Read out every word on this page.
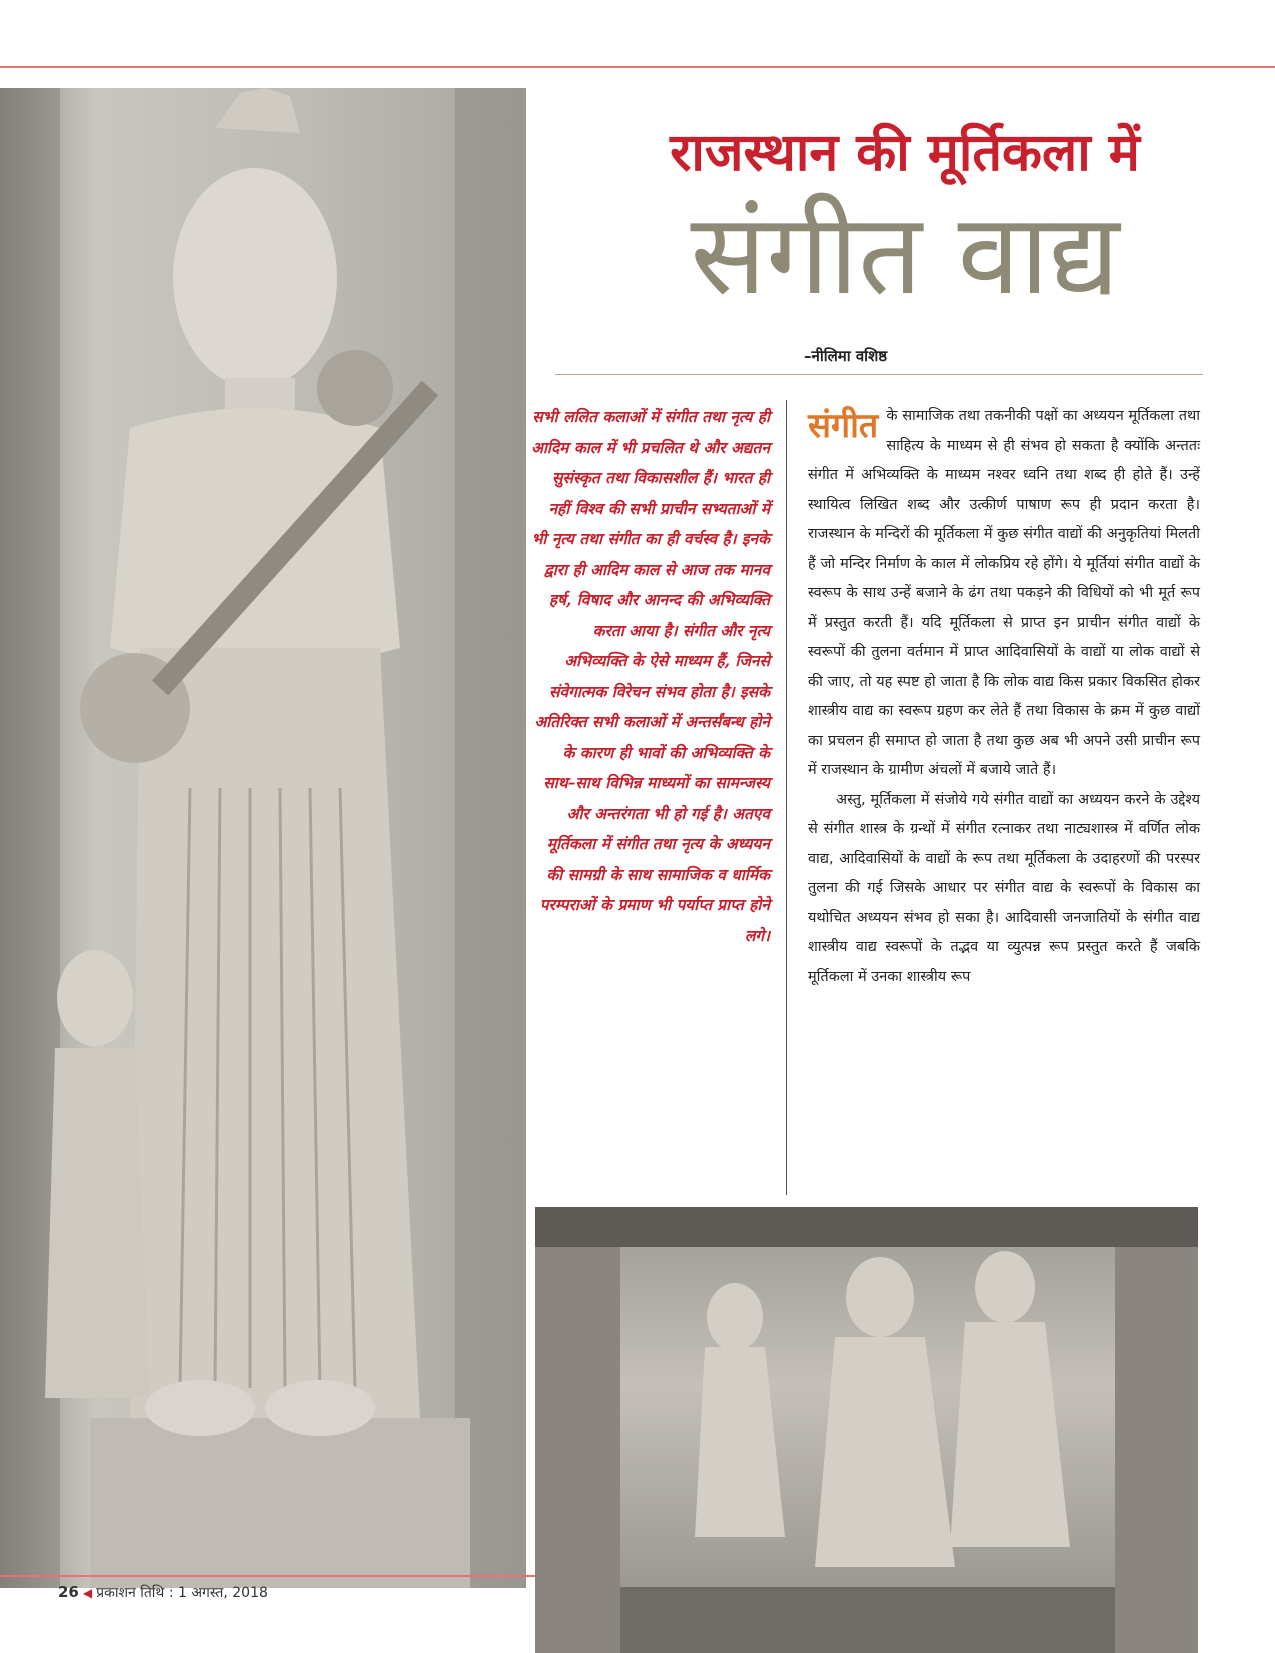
राजस्थान की मूर्तिकला में
संगीत वाद्य
–नीलिमा वशिष्ठ

सभी ललित कलाओं में संगीत तथा नृत्य ही आदिम काल में भी प्रचलित थे और अद्यतन सुसंस्कृत तथा विकासशील हैं। भारत ही नहीं विश्व की सभी प्राचीन सभ्यताओं में भी नृत्य तथा संगीत का ही वर्चस्व है। इनके द्वारा ही आदिम काल से आज तक मानव हर्ष, विषाद और आनन्द की अभिव्यक्ति करता आया है। संगीत और नृत्य अभिव्यक्ति के ऐसे माध्यम हैं, जिनसे संवेगात्मक विरेचन संभव होता है। इसके अतिरिक्त सभी कलाओं में अन्तर्संबन्ध होने के कारण ही भावों की अभिव्यक्ति के साथ–साथ विभिन्न माध्यमों का सामन्जस्य और अन्तरंगता भी हो गई है। अतएव मूर्तिकला में संगीत तथा नृत्य के अध्ययन की सामग्री के साथ सामाजिक व धार्मिक परम्पराओं के प्रमाण भी पर्याप्त प्राप्त होने लगे।

संगीत के सामाजिक तथा तकनीकी पक्षों का अध्ययन मूर्तिकला तथा साहित्य के माध्यम से ही संभव हो सकता है क्योंकि अन्ततः संगीत में अभिव्यक्ति के माध्यम नश्वर ध्वनि तथा शब्द ही होते हैं। उन्हें स्थायित्व लिखित शब्द और उत्कीर्ण पाषाण रूप ही प्रदान करता है। राजस्थान के मन्दिरों की मूर्तिकला में कुछ संगीत वाद्यों की अनुकृतियां मिलती हैं जो मन्दिर निर्माण के काल में लोकप्रिय रहे होंगे। ये मूर्तियां संगीत वाद्यों के स्वरूप के साथ उन्हें बजाने के ढंग तथा पकड़ने की विधियों को भी मूर्त रूप में प्रस्तुत करती हैं। यदि मूर्तिकला से प्राप्त इन प्राचीन संगीत वाद्यों के स्वरूपों की तुलना वर्तमान में प्राप्त आदिवासियों के वाद्यों या लोक वाद्यों से की जाए, तो यह स्पष्ट हो जाता है कि लोक वाद्य किस प्रकार विकसित होकर शास्त्रीय वाद्य का स्वरूप ग्रहण कर लेते हैं तथा विकास के क्रम में कुछ वाद्यों का प्रचलन ही समाप्त हो जाता है तथा कुछ अब भी अपने उसी प्राचीन रूप में राजस्थान के ग्रामीण अंचलों में बजाये जाते हैं।

अस्तु, मूर्तिकला में संजोये गये संगीत वाद्यों का अध्ययन करने के उद्देश्य से संगीत शास्त्र के ग्रन्थों में संगीत रत्नाकर तथा नाट्यशास्त्र में वर्णित लोक वाद्य, आदिवासियों के वाद्यों के रूप तथा मूर्तिकला के उदाहरणों की परस्पर तुलना की गई जिसके आधार पर संगीत वाद्य के स्वरूपों के विकास का यथोचित अध्ययन संभव हो सका है। आदिवासी जनजातियों के संगीत वाद्य शास्त्रीय वाद्य स्वरूपों के तद्भव या व्युत्पन्न रूप प्रस्तुत करते हैं जबकि मूर्तिकला में उनका शास्त्रीय रूप

26 ◀ प्रकाशन तिथि : 1 अगस्त, 2018
